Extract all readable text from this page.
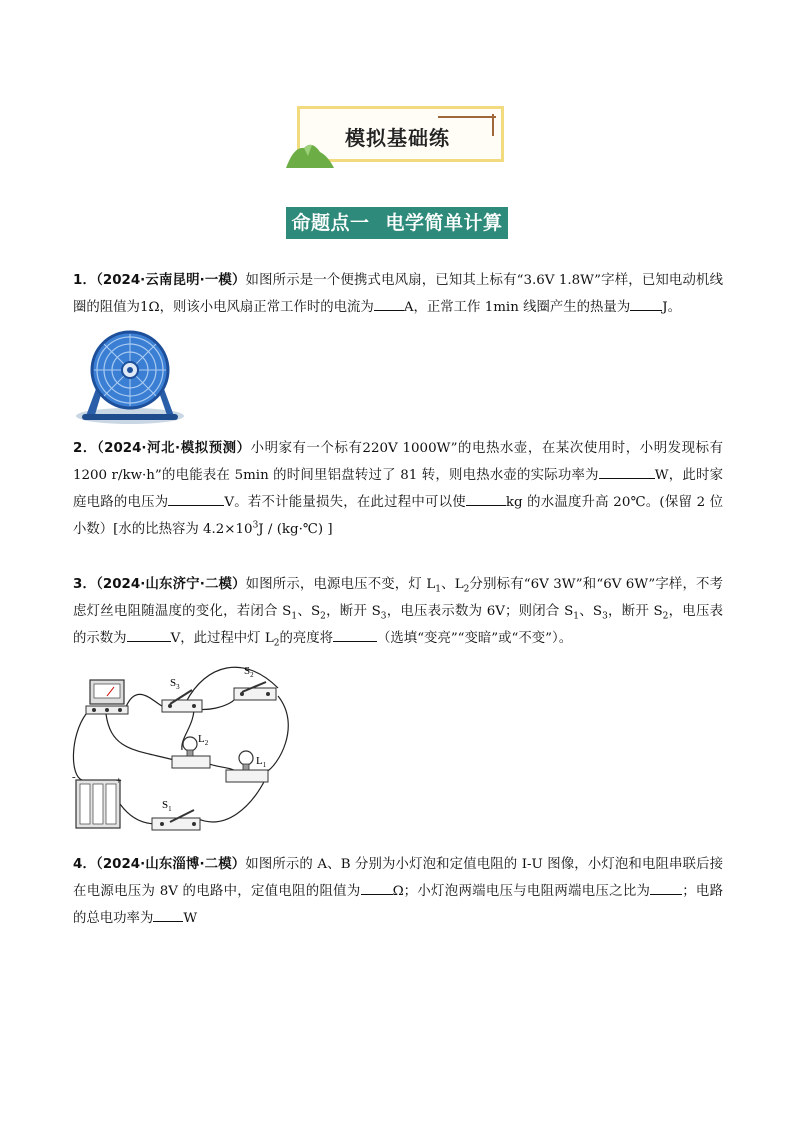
模拟基础练
命题点一 电学简单计算
1．（2024·云南昆明·一模）如图所示是一个便携式电风扇，已知其上标有“3.6V 1.8W”字样，已知电动机线圈的阻值为1Ω，则该小电风扇正常工作时的电流为 A，正常工作 1min 线圈产生的热量为 J。
2．（2024·河北·模拟预测）小明家有一个标有220V 1000W”的电热水壶，在某次使用时，小明发现标有1200 r/kw·h”的电能表在 5min 的时间里铝盘转过了 81 转，则电热水壶的实际功率为	W，此时家庭电路的电压为	V。若不计能量损失，在此过程中可以使	kg 的水温度升高 20℃。(保留 2 位小数）[水的比热容为 $4.2\times 10^3J$ / (kg·℃) ]
3．（2024·山东济宁·二模）如图所示，电源电压不变，灯 $L_1$、$L_2$分别标有“6V 3W”和“6V 6W”字样，不考虑灯丝电阻随温度的变化，若闭合 $S_1$、$S_2$，断开 $S_3$，电压表示数为 6V；则闭合 $S_1$、$S_3$，断开 $S_2$，电压表的示数为	V，此过程中灯 $L_2$的亮度将	（选填“变亮”“变暗”或“不变”）。
$S_3$
$S_2$
$L_2$
$L_1$
-	+
$S_1$
4．（2024·山东淄博·二模）如图所示的 A、B 分别为小灯泡和定值电阻的 I-U 图像，小灯泡和电阻串联后接在电源电压为 8V 的电路中，定值电阻的阻值为 Ω；小灯泡两端电压与电阻两端电压之比为 ；电路的总电功率为 W
